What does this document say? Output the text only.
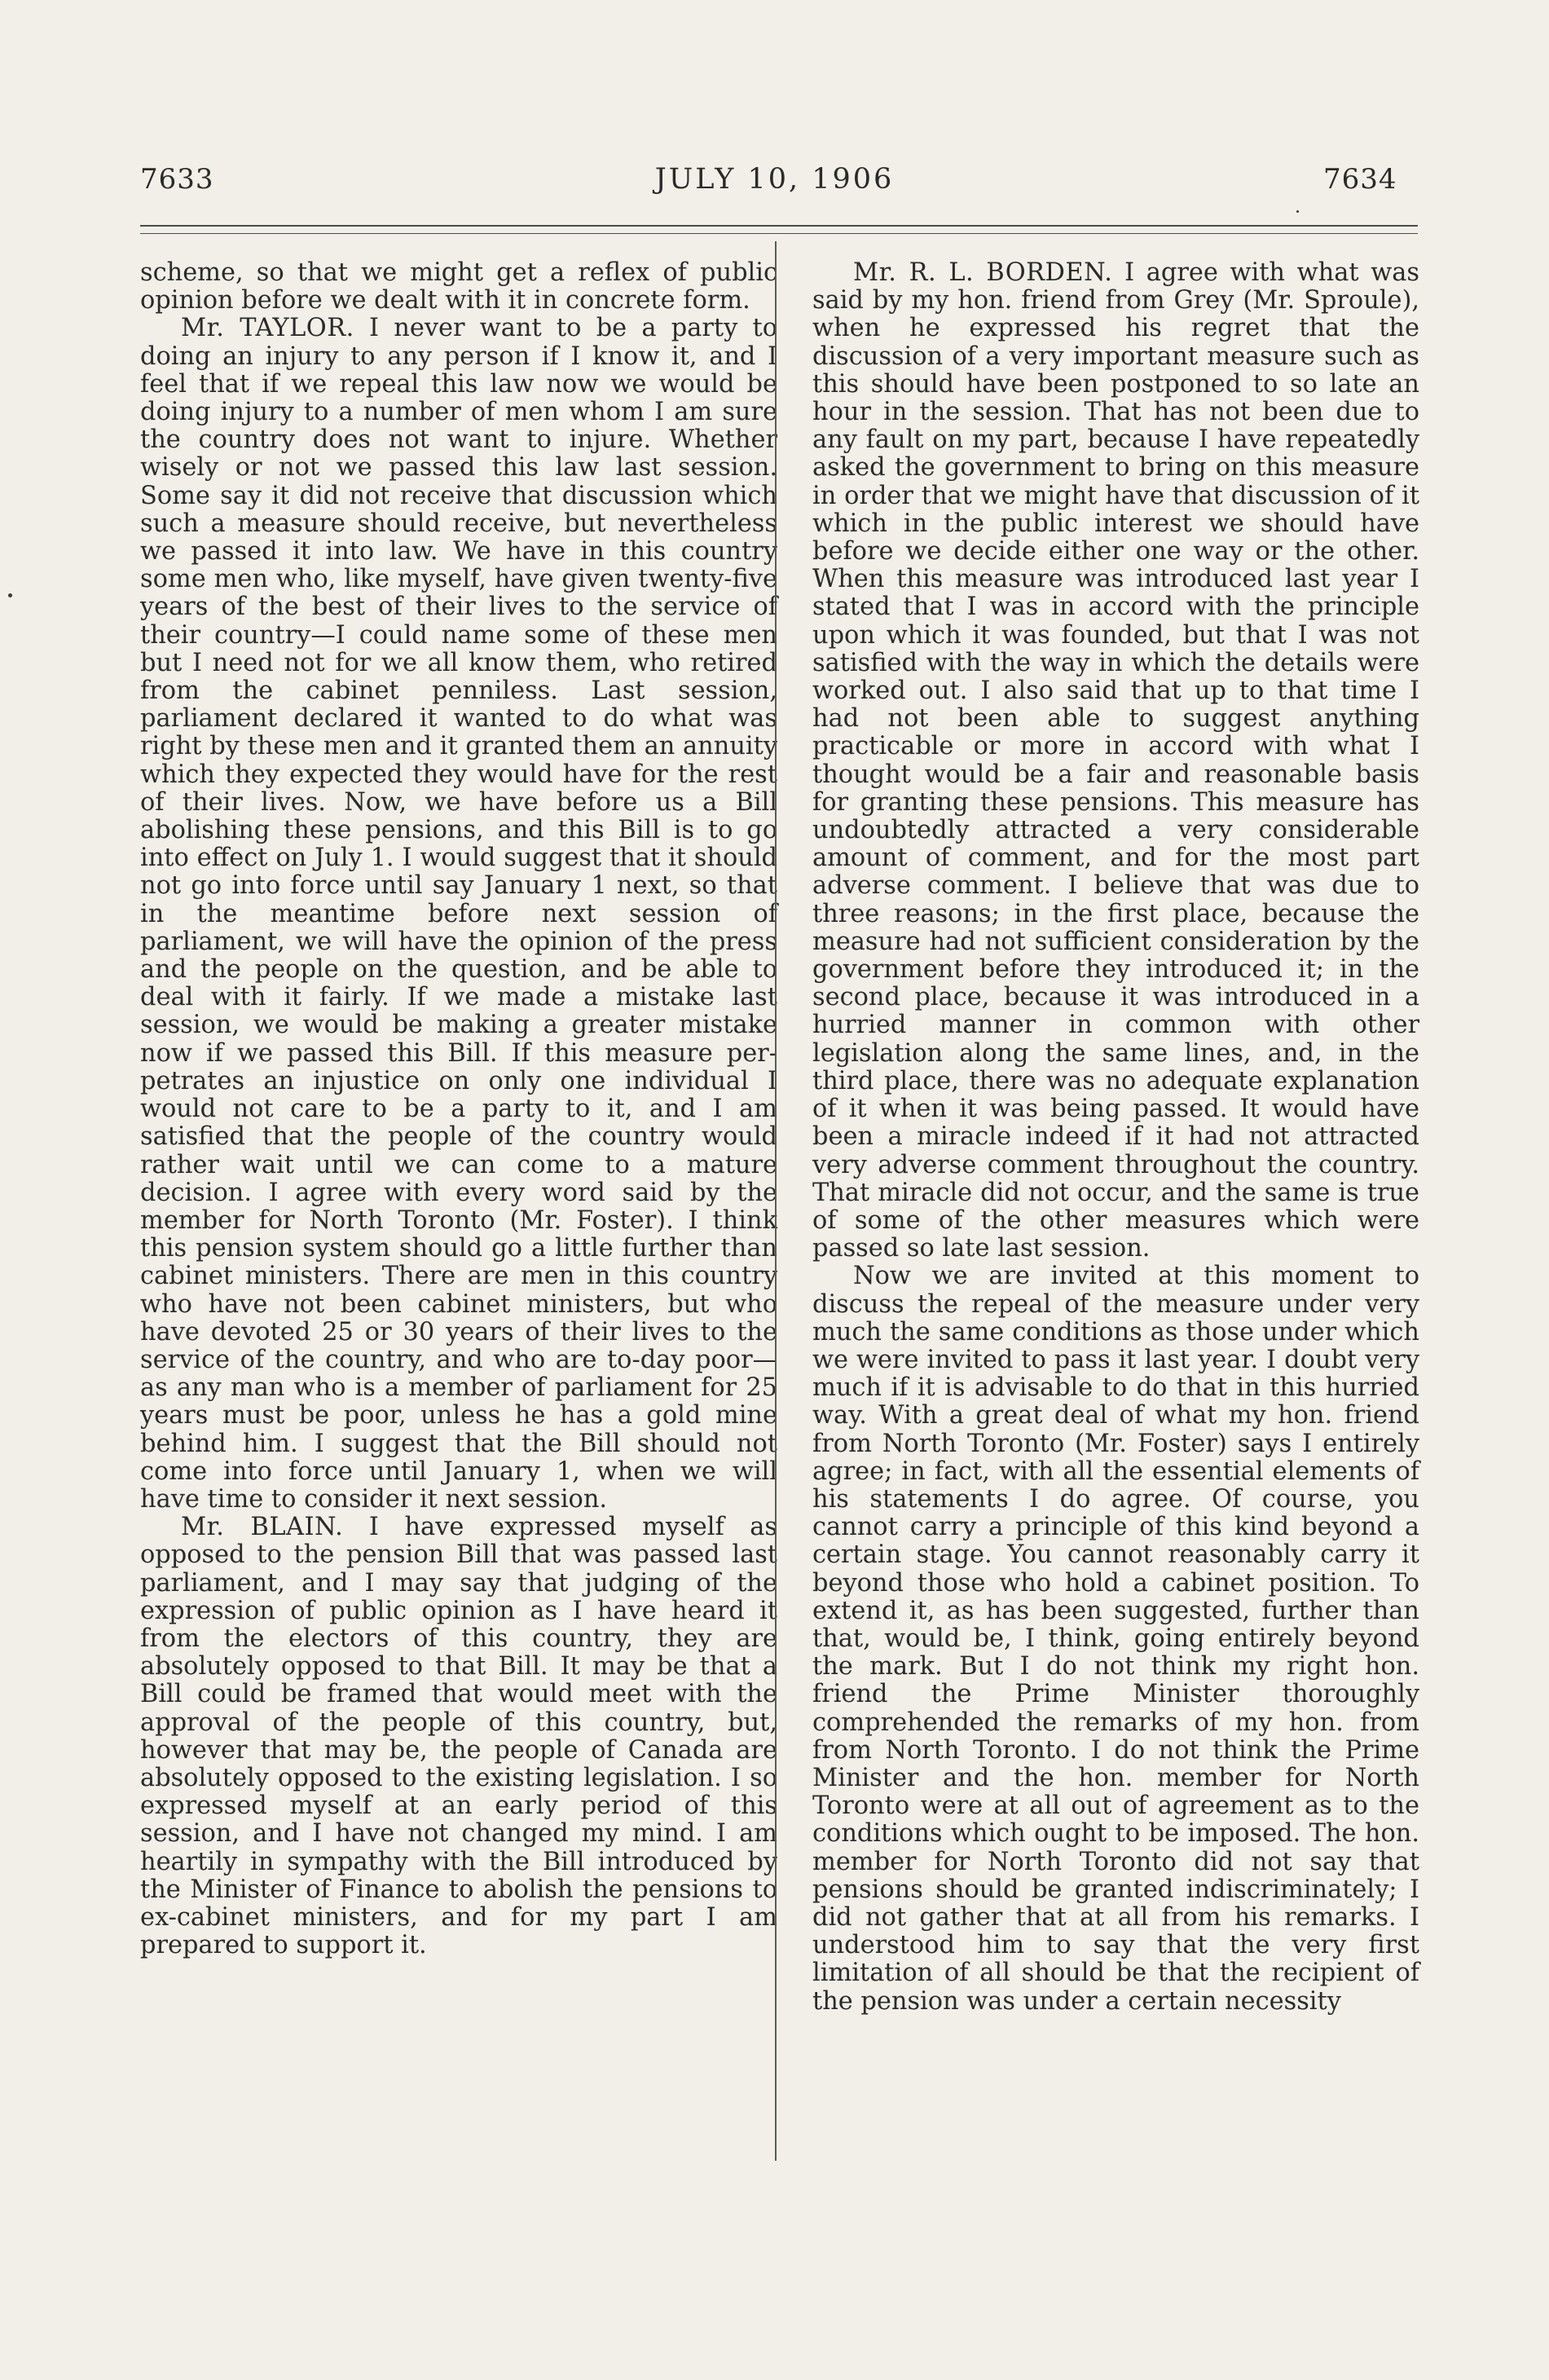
7633	JULY 10, 1906	7634

scheme, so that we might get a reflex of public opinion before we dealt with it in concrete form.

Mr. TAYLOR. I never want to be a party to doing an injury to any person if I know it, and I feel that if we repeal this law now we would be doing injury to a number of men whom I am sure the country does not want to injure. Whether wisely or not we passed this law last session. Some say it did not receive that discussion which such a measure should receive, but nevertheless we passed it into law. We have in this country some men who, like myself, have given twenty-five years of the best of their lives to the service of their country—I could name some of these men but I need not for we all know them, who retired from the cabinet penniless. Last session, parliament declared it wanted to do what was right by these men and it granted them an annuity which they expected they would have for the rest of their lives. Now, we have before us a Bill abolishing these pensions, and this Bill is to go into effect on July 1. I would suggest that it should not go into force until say January 1 next, so that in the meantime before next session of parliament, we will have the opinion of the press and the people on the question, and be able to deal with it fairly. If we made a mistake last session, we would be making a greater mistake now if we passed this Bill. If this measure perpetrates an injustice on only one individual I would not care to be a party to it, and I am satisfied that the people of the country would rather wait until we can come to a mature decision. I agree with every word said by the member for North Toronto (Mr. Foster). I think this pension system should go a little further than cabinet ministers. There are men in this country who have not been cabinet ministers, but who have devoted 25 or 30 years of their lives to the service of the country, and who are to-day poor—as any man who is a member of parliament for 25 years must be poor, unless he has a gold mine behind him. I suggest that the Bill should not come into force until January 1, when we will have time to consider it next session.

Mr. BLAIN. I have expressed myself as opposed to the pension Bill that was passed last parliament, and I may say that judging of the expression of public opinion as I have heard it from the electors of this country, they are absolutely opposed to that Bill. It may be that a Bill could be framed that would meet with the approval of the people of this country, but, however that may be, the people of Canada are absolutely opposed to the existing legislation. I so expressed myself at an early period of this session, and I have not changed my mind. I am heartily in sympathy with the Bill introduced by the Minister of Finance to abolish the pensions to ex-cabinet ministers, and for my part I am prepared to support it.

Mr. R. L. BORDEN. I agree with what was said by my hon. friend from Grey (Mr. Sproule), when he expressed his regret that the discussion of a very important measure such as this should have been postponed to so late an hour in the session. That has not been due to any fault on my part, because I have repeatedly asked the government to bring on this measure in order that we might have that discussion of it which in the public interest we should have before we decide either one way or the other. When this measure was introduced last year I stated that I was in accord with the principle upon which it was founded, but that I was not satisfied with the way in which the details were worked out. I also said that up to that time I had not been able to suggest anything practicable or more in accord with what I thought would be a fair and reasonable basis for granting these pensions. This measure has undoubtedly attracted a very considerable amount of comment, and for the most part adverse comment. I believe that was due to three reasons; in the first place, because the measure had not sufficient consideration by the government before they introduced it; in the second place, because it was introduced in a hurried manner in common with other legislation along the same lines, and, in the third place, there was no adequate explanation of it when it was being passed. It would have been a miracle indeed if it had not attracted very adverse comment throughout the country. That miracle did not occur, and the same is true of some of the other measures which were passed so late last session.

Now we are invited at this moment to discuss the repeal of the measure under very much the same conditions as those under which we were invited to pass it last year. I doubt very much if it is advisable to do that in this hurried way. With a great deal of what my hon. friend from North Toronto (Mr. Foster) says I entirely agree; in fact, with all the essential elements of his statements I do agree. Of course, you cannot carry a principle of this kind beyond a certain stage. You cannot reasonably carry it beyond those who hold a cabinet position. To extend it, as has been suggested, further than that, would be, I think, going entirely beyond the mark. But I do not think my right hon. friend the Prime Minister thoroughly comprehended the remarks of my hon. from from North Toronto. I do not think the Prime Minister and the hon. member for North Toronto were at all out of agreement as to the conditions which ought to be imposed. The hon. member for North Toronto did not say that pensions should be granted indiscriminately; I did not gather that at all from his remarks. I understood him to say that the very first limitation of all should be that the recipient of the pension was under a certain necessity
